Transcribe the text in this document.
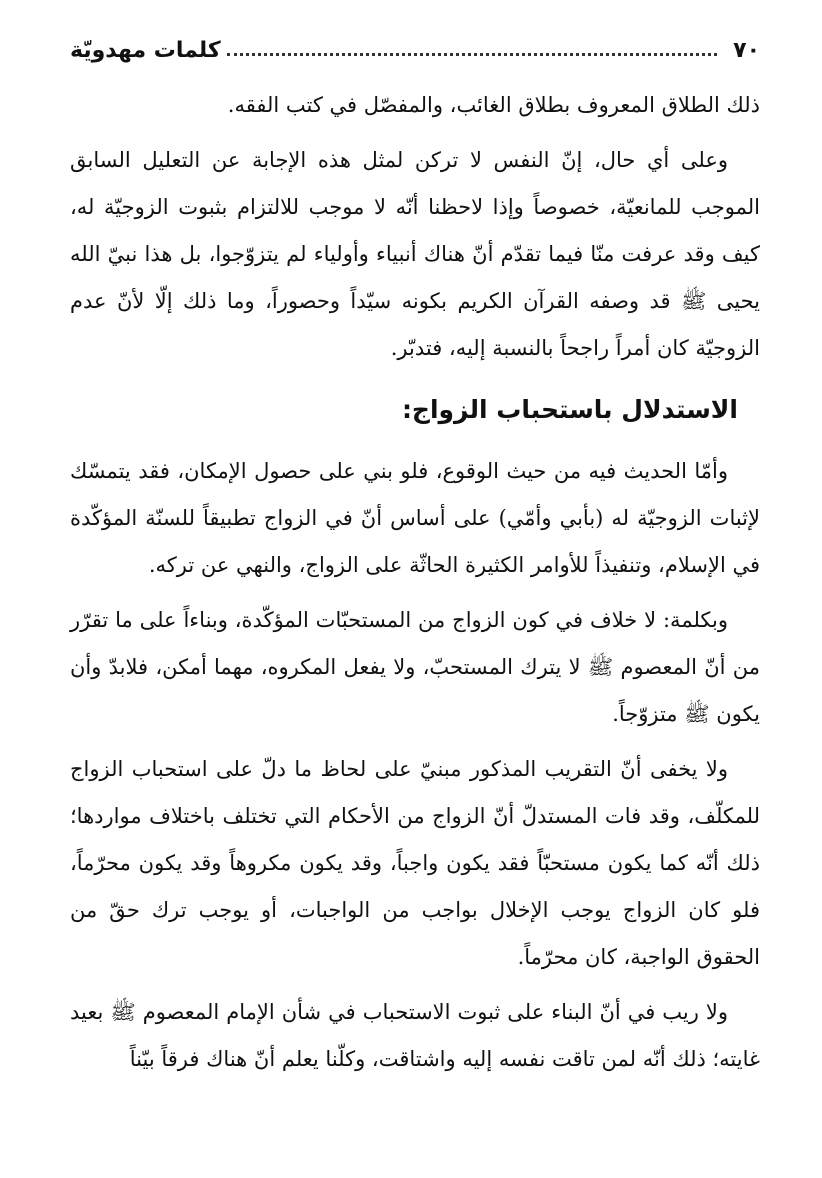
٧٠
كلمات مهدويّة

ذلك الطلاق المعروف بطلاق الغائب، والمفصّل في كتب الفقه.

وعلى أي حال، إنّ النفس لا تركن لمثل هذه الإجابة عن التعليل السابق الموجب للمانعيّة، خصوصاً وإذا لاحظنا أنّه لا موجب للالتزام بثبوت الزوجيّة له، كيف وقد عرفت منّا فيما تقدّم أنّ هناك أنبياء وأولياء لم يتزوّجوا، بل هذا نبيّ الله يحيى ﷺ قد وصفه القرآن الكريم بكونه سيّداً وحصوراً، وما ذلك إلّا لأنّ عدم الزوجيّة كان أمراً راجحاً بالنسبة إليه، فتدبّر.

الاستدلال باستحباب الزواج:

وأمّا الحديث فيه من حيث الوقوع، فلو بني على حصول الإمكان، فقد يتمسّك لإثبات الزوجيّة له (بأبي وأمّي) على أساس أنّ في الزواج تطبيقاً للسنّة المؤكّدة في الإسلام، وتنفيذاً للأوامر الكثيرة الحاثّة على الزواج، والنهي عن تركه.

وبكلمة: لا خلاف في كون الزواج من المستحبّات المؤكّدة، وبناءاً على ما تقرّر من أنّ المعصوم ﷺ لا يترك المستحبّ، ولا يفعل المكروه، مهما أمكن، فلابدّ وأن يكون ﷺ متزوّجاً.

ولا يخفى أنّ التقريب المذكور مبنيّ على لحاظ ما دلّ على استحباب الزواج للمكلّف، وقد فات المستدلّ أنّ الزواج من الأحكام التي تختلف باختلاف مواردها؛ ذلك أنّه كما يكون مستحبّاً فقد يكون واجباً، وقد يكون مكروهاً وقد يكون محرّماً، فلو كان الزواج يوجب الإخلال بواجب من الواجبات، أو يوجب ترك حقّ من الحقوق الواجبة، كان محرّماً.

ولا ريب في أنّ البناء على ثبوت الاستحباب في شأن الإمام المعصوم ﷺ بعيد غايته؛ ذلك أنّه لمن تاقت نفسه إليه واشتاقت، وكلّنا يعلم أنّ هناك فرقاً بيّناً
